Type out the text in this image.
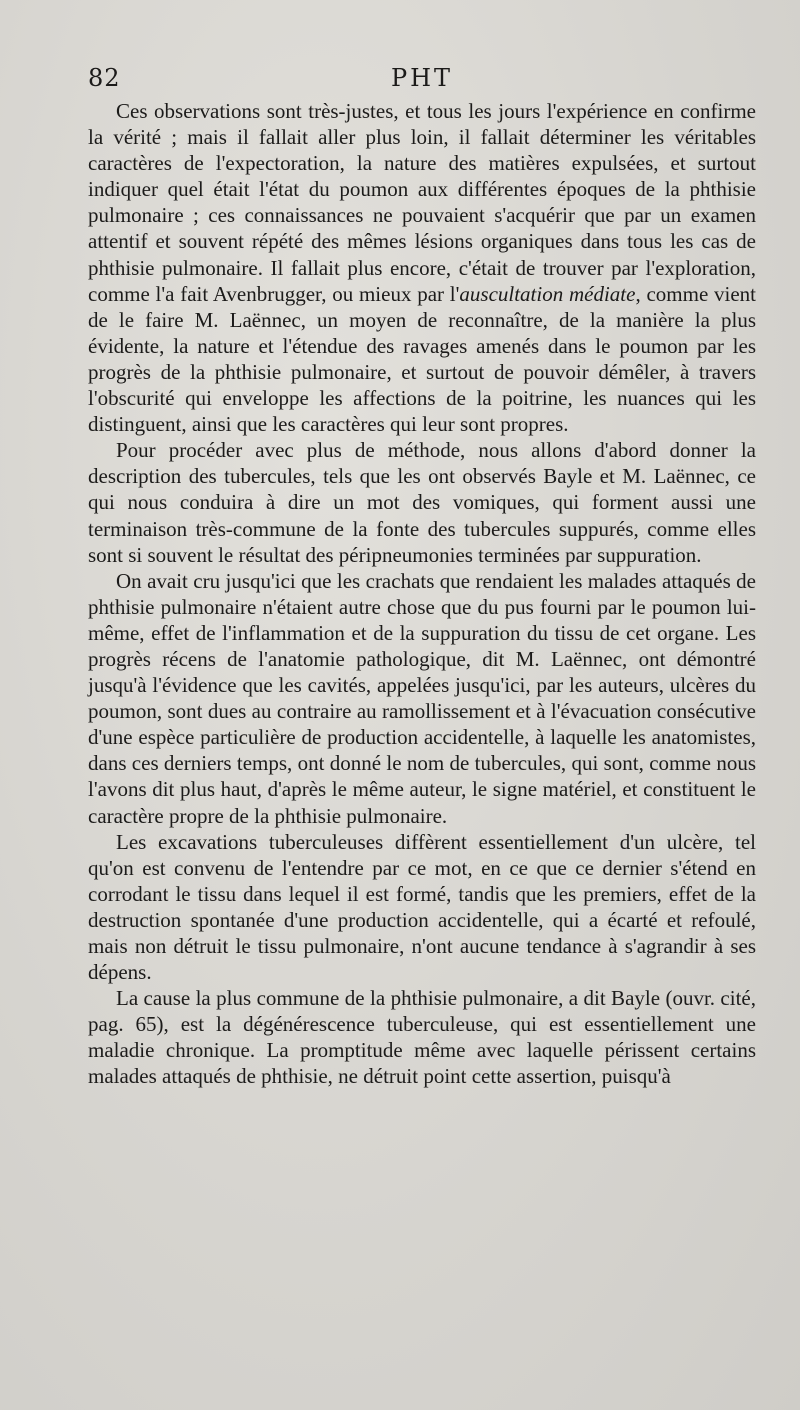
82	PHT

Ces observations sont très-justes, et tous les jours l'expérience en confirme la vérité ; mais il fallait aller plus loin, il fallait déterminer les véritables caractères de l'expectoration, la nature des matières expulsées, et surtout indiquer quel était l'état du poumon aux différentes époques de la phthisie pulmonaire ; ces connaissances ne pouvaient s'acquérir que par un examen attentif et souvent répété des mêmes lésions organiques dans tous les cas de phthisie pulmonaire. Il fallait plus encore, c'était de trouver par l'exploration, comme l'a fait Avenbrugger, ou mieux par l'auscultation médiate, comme vient de le faire M. Laënnec, un moyen de reconnaître, de la manière la plus évidente, la nature et l'étendue des ravages amenés dans le poumon par les progrès de la phthisie pulmonaire, et surtout de pouvoir démêler, à travers l'obscurité qui enveloppe les affections de la poitrine, les nuances qui les distinguent, ainsi que les caractères qui leur sont propres.

Pour procéder avec plus de méthode, nous allons d'abord donner la description des tubercules, tels que les ont observés Bayle et M. Laënnec, ce qui nous conduira à dire un mot des vomiques, qui forment aussi une terminaison très-commune de la fonte des tubercules suppurés, comme elles sont si souvent le résultat des péripneumonies terminées par suppuration.

On avait cru jusqu'ici que les crachats que rendaient les malades attaqués de phthisie pulmonaire n'étaient autre chose que du pus fourni par le poumon lui-même, effet de l'inflammation et de la suppuration du tissu de cet organe. Les progrès récens de l'anatomie pathologique, dit M. Laënnec, ont démontré jusqu'à l'évidence que les cavités, appelées jusqu'ici, par les auteurs, ulcères du poumon, sont dues au contraire au ramollissement et à l'évacuation consécutive d'une espèce particulière de production accidentelle, à laquelle les anatomistes, dans ces derniers temps, ont donné le nom de tubercules, qui sont, comme nous l'avons dit plus haut, d'après le même auteur, le signe matériel, et constituent le caractère propre de la phthisie pulmonaire.

Les excavations tuberculeuses diffèrent essentiellement d'un ulcère, tel qu'on est convenu de l'entendre par ce mot, en ce que ce dernier s'étend en corrodant le tissu dans lequel il est formé, tandis que les premiers, effet de la destruction spontanée d'une production accidentelle, qui a écarté et refoulé, mais non détruit le tissu pulmonaire, n'ont aucune tendance à s'agrandir à ses dépens.

La cause la plus commune de la phthisie pulmonaire, a dit Bayle (ouvr. cité, pag. 65), est la dégénérescence tuberculeuse, qui est essentiellement une maladie chronique. La promptitude même avec laquelle périssent certains malades attaqués de phthisie, ne détruit point cette assertion, puisqu'à
